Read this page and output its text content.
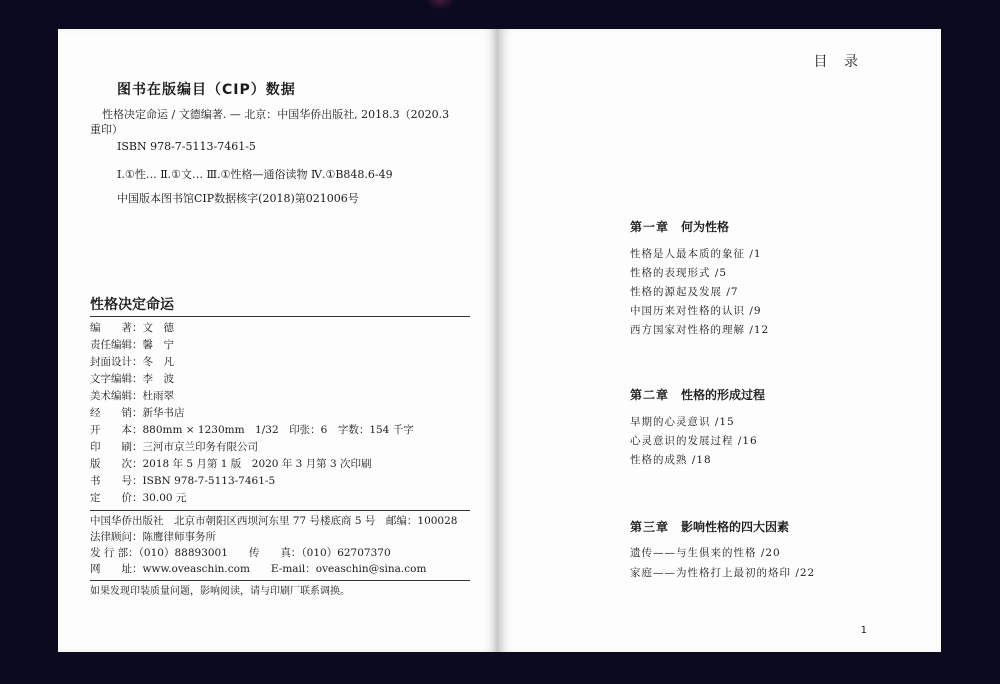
图书在版编目（CIP）数据
性格决定命运 / 文德编著. — 北京：中国华侨出版社, 2018.3（2020.3
重印）
ISBN 978-7-5113-7461-5
Ⅰ.①性… Ⅱ.①文… Ⅲ.①性格—通俗读物 Ⅳ.①B848.6-49
中国版本图书馆CIP数据核字(2018)第021006号
性格决定命运
编　　著：文　德
责任编辑：馨　宁
封面设计：冬　凡
文字编辑：李　波
美术编辑：杜雨翠
经　　销：新华书店
开　　本：880mm × 1230mm　1/32　印张：6　字数：154 千字
印　　刷：三河市京兰印务有限公司
版　　次：2018 年 5 月第 1 版　2020 年 3 月第 3 次印刷
书　　号：ISBN 978-7-5113-7461-5
定　　价：30.00 元
中国华侨出版社　北京市朝阳区西坝河东里 77 号楼底商 5 号　邮编：100028
法律顾问：陈鹰律师事务所
发 行 部：（010）88893001　　传　　真：（010）62707370
网　　址：www.oveaschin.com　　E-mail：oveaschin@sina.com
如果发现印装质量问题，影响阅读，请与印刷厂联系调换。
目 录
第一章　 何为性格
性格是人最本质的象征 /1
性格的表现形式 /5
性格的源起及发展 /7
中国历来对性格的认识 /9
西方国家对性格的理解 /12
第二章　 性格的形成过程
早期的心灵意识 /15
心灵意识的发展过程 /16
性格的成熟 /18
第三章　 影响性格的四大因素
遗传——与生俱来的性格 /20
家庭——为性格打上最初的烙印 /22
1
